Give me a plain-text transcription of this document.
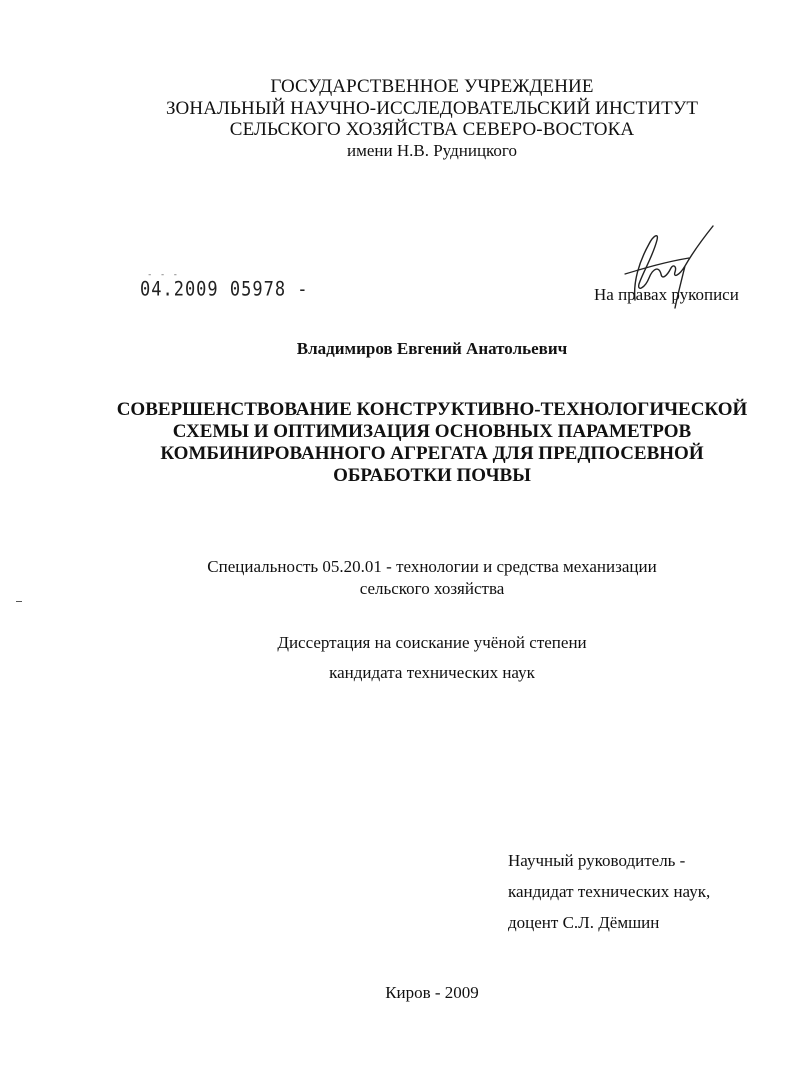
ГОСУДАРСТВЕННОЕ УЧРЕЖДЕНИЕ
ЗОНАЛЬНЫЙ НАУЧНО-ИССЛЕДОВАТЕЛЬСКИЙ ИНСТИТУТ
СЕЛЬСКОГО ХОЗЯЙСТВА СЕВЕРО-ВОСТОКА
имени Н.В. Рудницкого
- - -
04.2009 05978 -	На правах рукописи
Владимиров Евгений Анатольевич
СОВЕРШЕНСТВОВАНИЕ КОНСТРУКТИВНО-ТЕХНОЛОГИЧЕСКОЙ
СХЕМЫ И ОПТИМИЗАЦИЯ ОСНОВНЫХ ПАРАМЕТРОВ
КОМБИНИРОВАННОГО АГРЕГАТА ДЛЯ ПРЕДПОСЕВНОЙ
ОБРАБОТКИ ПОЧВЫ
Специальность 05.20.01 - технологии и средства механизации
сельского хозяйства
Диссертация на соискание учёной степени
кандидата технических наук
Научный руководитель -
кандидат технических наук,
доцент С.Л. Дёмшин
Киров - 2009
